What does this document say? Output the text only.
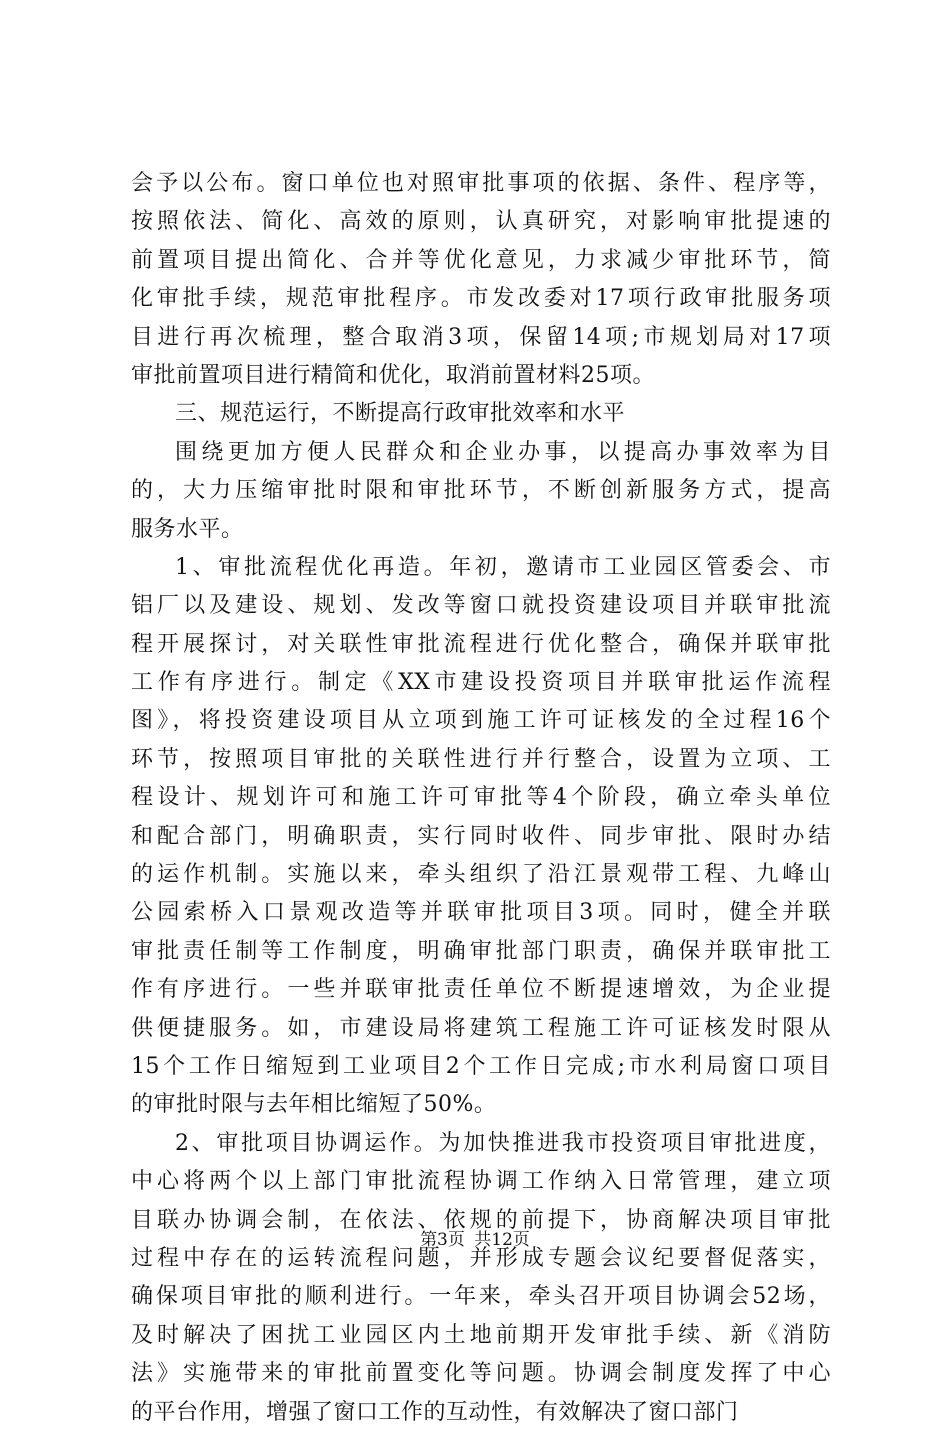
会予以公布。窗口单位也对照审批事项的依据、条件、程序等，
按照依法、简化、高效的原则，认真研究，对影响审批提速的
前置项目提出简化、合并等优化意见，力求减少审批环节，简
化审批手续，规范审批程序。市发改委对17项行政审批服务项
目进行再次梳理，整合取消3项，保留14项;市规划局对17项
审批前置项目进行精简和优化，取消前置材料25项。
三、规范运行，不断提高行政审批效率和水平
围绕更加方便人民群众和企业办事，以提高办事效率为目
的，大力压缩审批时限和审批环节，不断创新服务方式，提高
服务水平。
1、审批流程优化再造。年初，邀请市工业园区管委会、市
铝厂以及建设、规划、发改等窗口就投资建设项目并联审批流
程开展探讨，对关联性审批流程进行优化整合，确保并联审批
工作有序进行。制定《XX市建设投资项目并联审批运作流程
图》，将投资建设项目从立项到施工许可证核发的全过程16个
环节，按照项目审批的关联性进行并行整合，设置为立项、工
程设计、规划许可和施工许可审批等4个阶段，确立牵头单位
和配合部门，明确职责，实行同时收件、同步审批、限时办结
的运作机制。实施以来，牵头组织了沿江景观带工程、九峰山
公园索桥入口景观改造等并联审批项目3项。同时，健全并联
审批责任制等工作制度，明确审批部门职责，确保并联审批工
作有序进行。一些并联审批责任单位不断提速增效，为企业提
供便捷服务。如，市建设局将建筑工程施工许可证核发时限从
15个工作日缩短到工业项目2个工作日完成;市水利局窗口项目
的审批时限与去年相比缩短了50%。
2、审批项目协调运作。为加快推进我市投资项目审批进度，
中心将两个以上部门审批流程协调工作纳入日常管理，建立项
目联办协调会制，在依法、依规的前提下，协商解决项目审批
过程中存在的运转流程问题，并形成专题会议纪要督促落实，
确保项目审批的顺利进行。一年来，牵头召开项目协调会52场，
及时解决了困扰工业园区内土地前期开发审批手续、新《消防
法》实施带来的审批前置变化等问题。协调会制度发挥了中心
的平台作用，增强了窗口工作的互动性，有效解决了窗口部门
第3页 共12页
